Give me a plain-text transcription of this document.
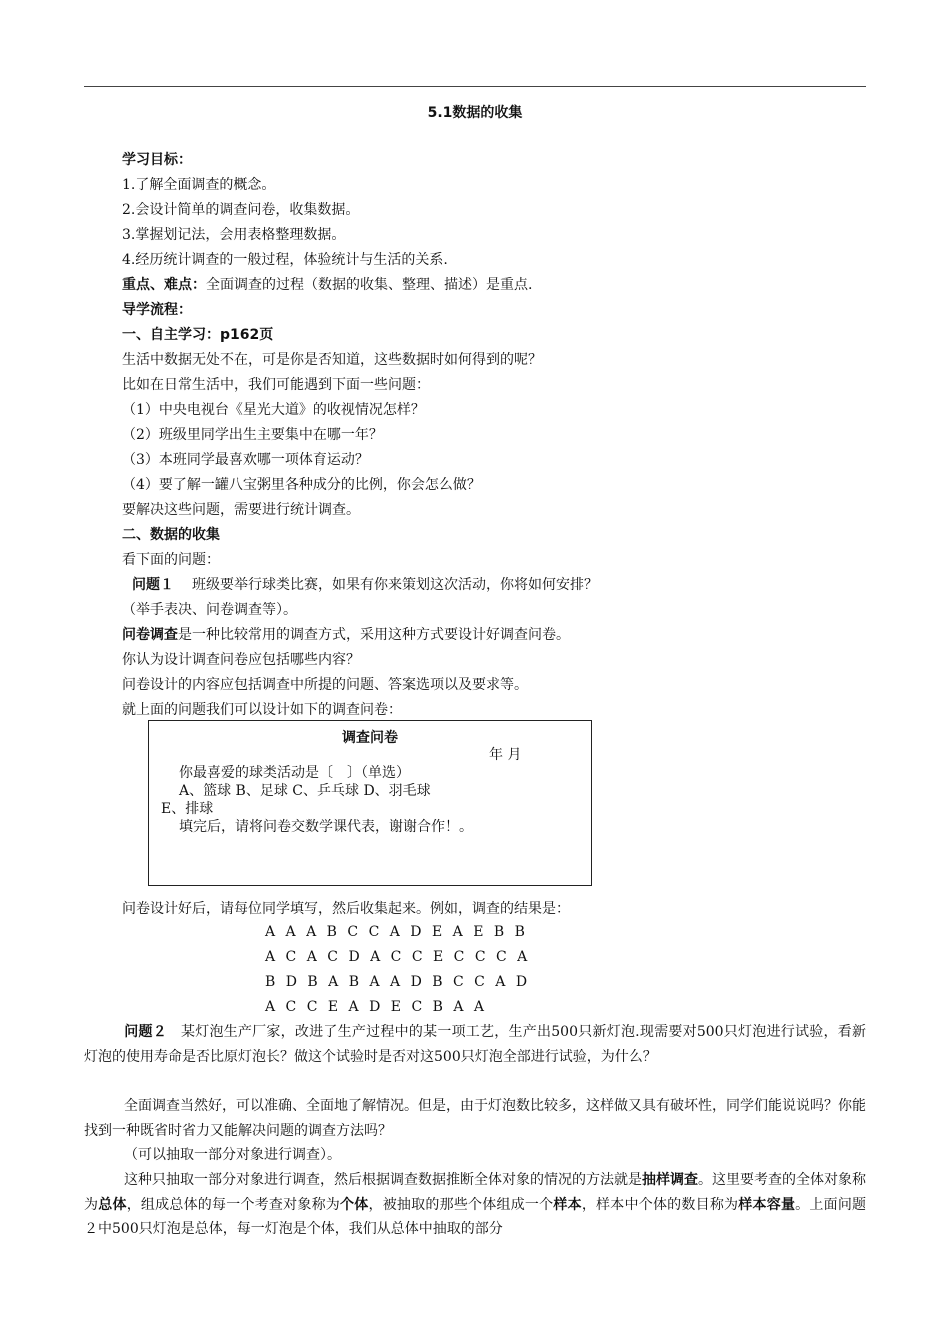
5.1数据的收集
学习目标：
1.了解全面调查的概念。
2.会设计简单的调查问卷，收集数据。
3.掌握划记法，会用表格整理数据。
4.经历统计调查的一般过程，体验统计与生活的关系.
重点、难点：全面调查的过程（数据的收集、整理、描述）是重点.
导学流程：
一、自主学习：p162页
生活中数据无处不在，可是你是否知道，这些数据时如何得到的呢？
比如在日常生活中，我们可能遇到下面一些问题：
（1）中央电视台《星光大道》的收视情况怎样？
（2）班级里同学出生主要集中在哪一年？
（3）本班同学最喜欢哪一项体育运动？
（4）要了解一罐八宝粥里各种成分的比例，你会怎么做？
要解决这些问题，需要进行统计调查。
二、数据的收集
看下面的问题：
问题１ 班级要举行球类比赛，如果有你来策划这次活动，你将如何安排？
（举手表决、问卷调查等）。
问卷调查是一种比较常用的调查方式，采用这种方式要设计好调查问卷。
你认为设计调查问卷应包括哪些内容？
问卷设计的内容应包括调查中所提的问题、答案选项以及要求等。
就上面的问题我们可以设计如下的调查问卷：
调查问卷
年 月
你最喜爱的球类活动是〔　〕（单选）
A、篮球 B、足球 C、乒乓球 D、羽毛球
E、排球
填完后，请将问卷交数学课代表，谢谢合作！。
问卷设计好后，请每位同学填写，然后收集起来。例如，调查的结果是：
A A A B C C A D E A E B B
A C A C D A C C E C C C A
B D B A B A A D B C C A D
A C C E A D E C B A A
问题２ 某灯泡生产厂家，改进了生产过程中的某一项工艺，生产出500只新灯泡.现需要对500只灯泡进行试验，看新灯泡的使用寿命是否比原灯泡长？做这个试验时是否对这500只灯泡全部进行试验，为什么？
全面调查当然好，可以准确、全面地了解情况。但是，由于灯泡数比较多，这样做又具有破坏性，同学们能说说吗？你能找到一种既省时省力又能解决问题的调查方法吗？
（可以抽取一部分对象进行调查）。
这种只抽取一部分对象进行调查，然后根据调查数据推断全体对象的情况的方法就是抽样调查。这里要考查的全体对象称为总体，组成总体的每一个考查对象称为个体，被抽取的那些个体组成一个样本，样本中个体的数目称为样本容量。上面问题２中500只灯泡是总体，每一灯泡是个体，我们从总体中抽取的部分
